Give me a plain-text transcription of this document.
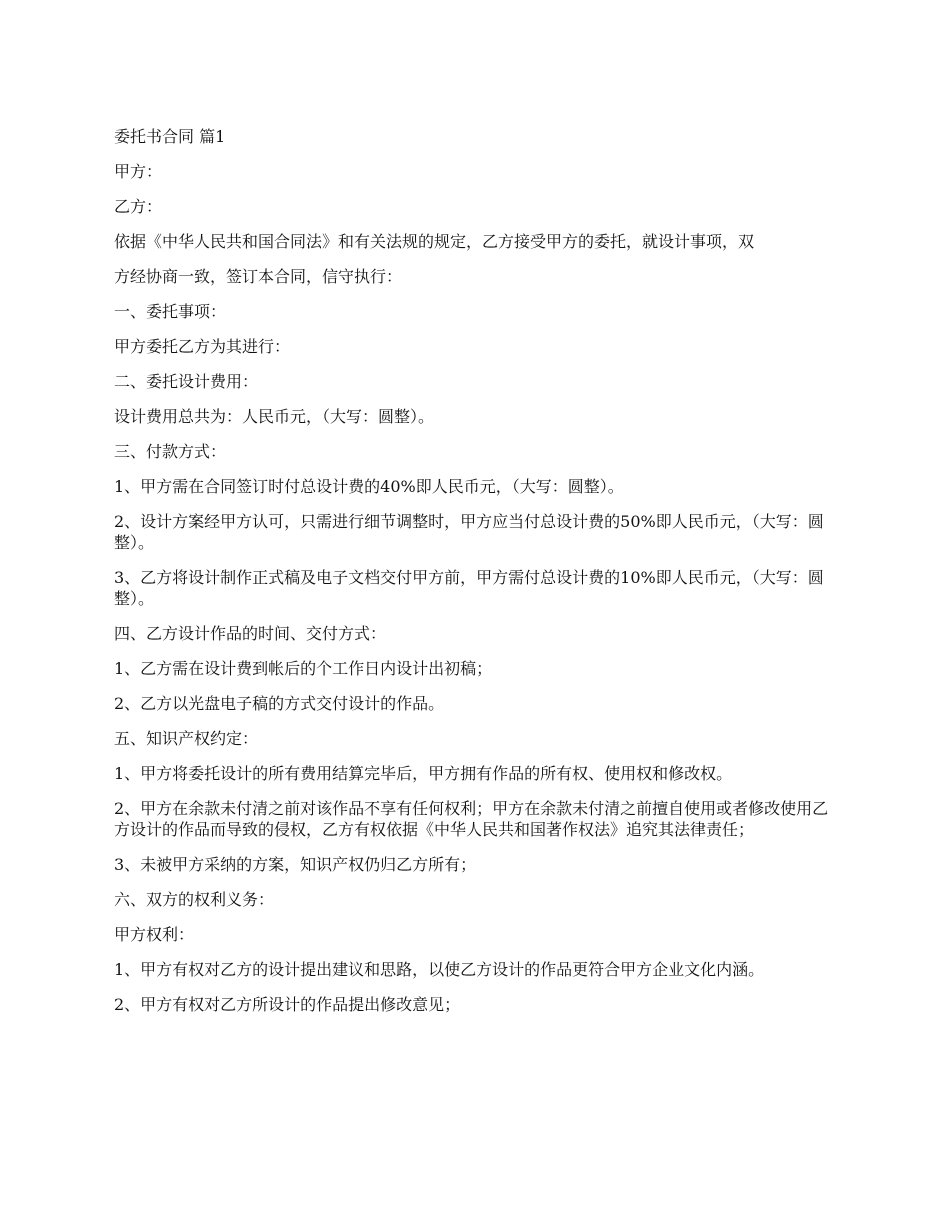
委托书合同 篇1

甲方：

乙方：

依据《中华人民共和国合同法》和有关法规的规定，乙方接受甲方的委托，就设计事项，双

方经协商一致，签订本合同，信守执行：

一、委托事项：

甲方委托乙方为其进行：

二、委托设计费用：

设计费用总共为：人民币元，（大写：圆整）。

三、付款方式：

1、甲方需在合同签订时付总设计费的40%即人民币元，（大写：圆整）。

2、设计方案经甲方认可，只需进行细节调整时，甲方应当付总设计费的50%即人民币元，（大写：圆整）。

3、乙方将设计制作正式稿及电子文档交付甲方前，甲方需付总设计费的10%即人民币元，（大写：圆整）。

四、乙方设计作品的时间、交付方式：

1、乙方需在设计费到帐后的个工作日内设计出初稿；

2、乙方以光盘电子稿的方式交付设计的作品。

五、知识产权约定：

1、甲方将委托设计的所有费用结算完毕后，甲方拥有作品的所有权、使用权和修改权。

2、甲方在余款未付清之前对该作品不享有任何权利；甲方在余款未付清之前擅自使用或者修改使用乙方设计的作品而导致的侵权，乙方有权依据《中华人民共和国著作权法》追究其法律责任；

3、未被甲方采纳的方案，知识产权仍归乙方所有；

六、双方的权利义务：

甲方权利：

1、甲方有权对乙方的设计提出建议和思路，以使乙方设计的作品更符合甲方企业文化内涵。

2、甲方有权对乙方所设计的作品提出修改意见；
